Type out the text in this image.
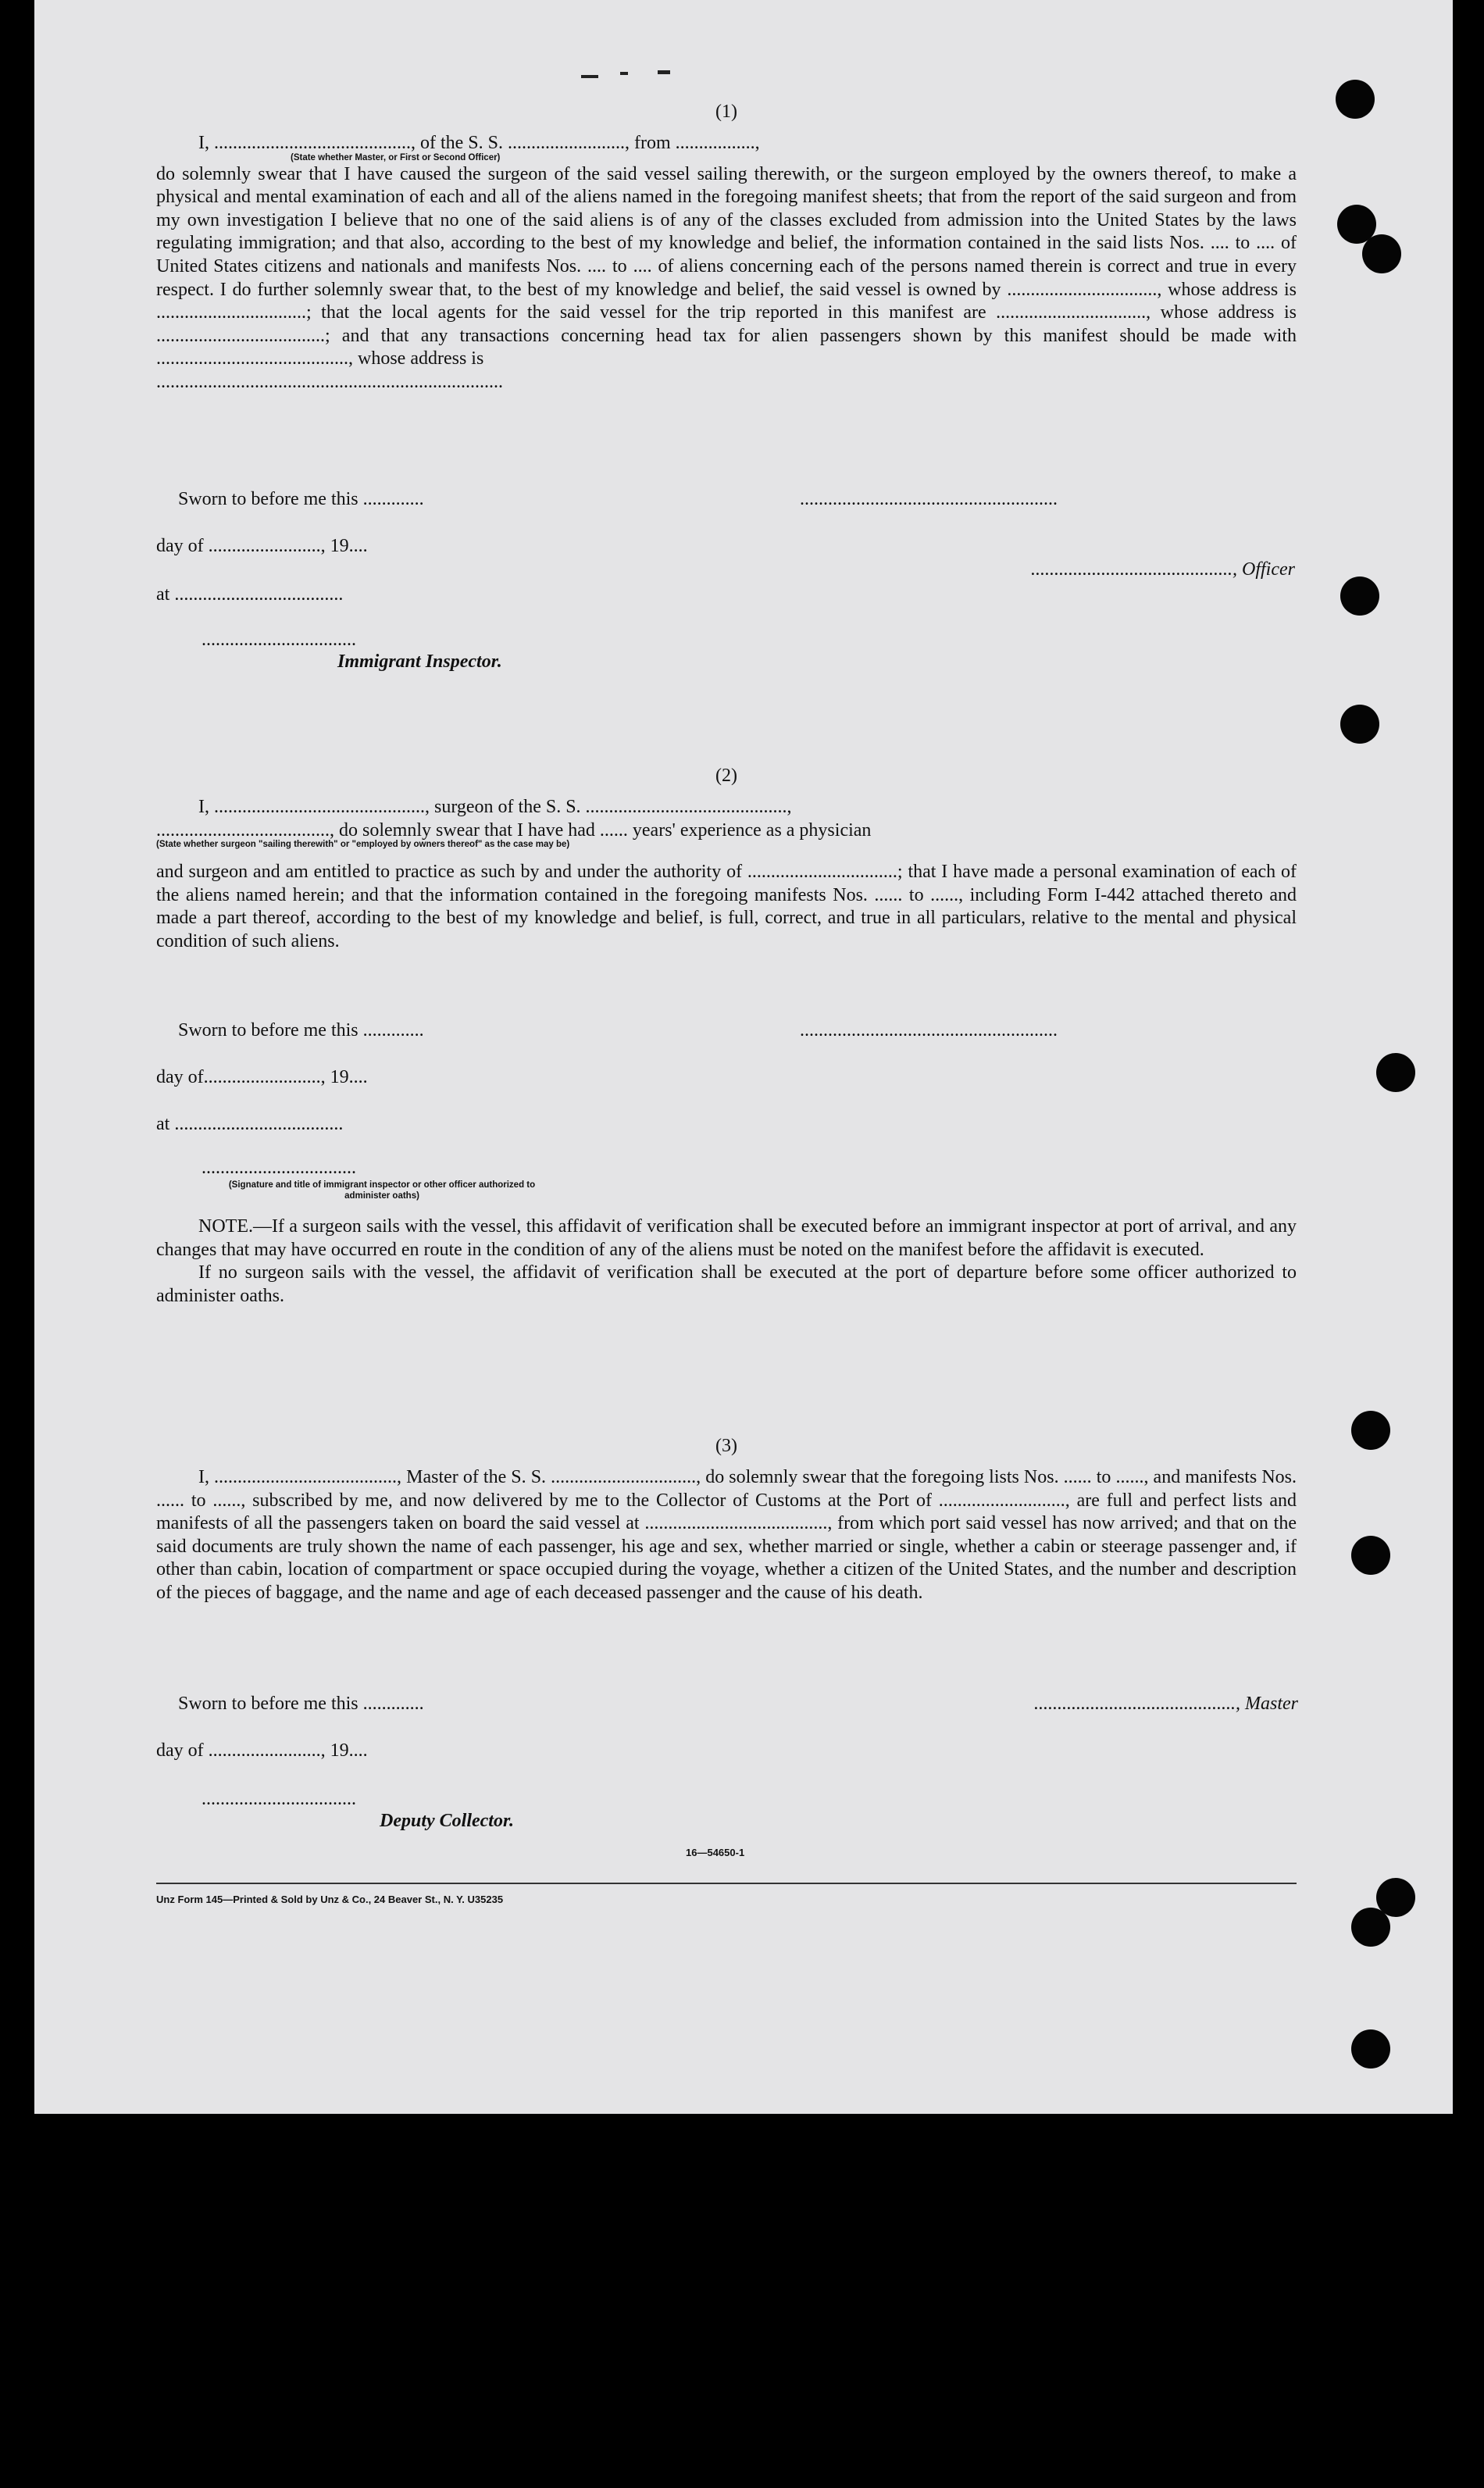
(1)
I, .........................................., of the S. S. ........................., from .................,
(State whether Master, or First or Second Officer)

do solemnly swear that I have caused the surgeon of the said vessel sailing therewith, or the surgeon employed by the owners thereof, to make a physical and mental examination of each and all of the aliens named in the foregoing manifest sheets; that from the report of the said surgeon and from my own investigation I believe that no one of the said aliens is of any of the classes excluded from admission into the United States by the laws regulating immigration; and that also, according to the best of my knowledge and belief, the information contained in the said lists Nos. .... to .... of United States citizens and nationals and manifests Nos. .... to .... of aliens concerning each of the persons named therein is correct and true in every respect. I do further solemnly swear that, to the best of my knowledge and belief, the said vessel is owned by ................................, whose address is ................................; that the local agents for the said vessel for the trip reported in this manifest are ................................, whose address is ....................................; and that any transactions concerning head tax for alien passengers shown by this manifest should be made with ........................................., whose address is

..........................................................................
Sworn to before me this .............	.......................................................
day of ........................, 19....
..........................................., Officer
at ....................................
.................................
Immigrant Inspector.
(2)
I, ............................................., surgeon of the S. S. ...........................................,
....................................., do solemnly swear that I have had ...... years' experience as a physician
(State whether surgeon "sailing therewith" or "employed by owners thereof" as the case may be)

and surgeon and am entitled to practice as such by and under the authority of ................................; that I have made a personal examination of each of the aliens named herein; and that the information contained in the foregoing manifests Nos. ...... to ......, including Form I-442 attached thereto and made a part thereof, according to the best of my knowledge and belief, is full, correct, and true in all particulars, relative to the mental and physical condition of such aliens.

Sworn to before me this .............	.......................................................
day of........................., 19....
at ....................................
.................................
(Signature and title of immigrant inspector or other officer authorized to administer oaths)

NOTE.—If a surgeon sails with the vessel, this affidavit of verification shall be executed before an immigrant inspector at port of arrival, and any changes that may have occurred en route in the condition of any of the aliens must be noted on the manifest before the affidavit is executed.

If no surgeon sails with the vessel, the affidavit of verification shall be executed at the port of departure before some officer authorized to administer oaths.

(3)

I, ......................................., Master of the S. S. ..............................., do solemnly swear that the foregoing lists Nos. ...... to ......, and manifests Nos. ...... to ......, subscribed by me, and now delivered by me to the Collector of Customs at the Port of ..........................., are full and perfect lists and manifests of all the passengers taken on board the said vessel at ......................................., from which port said vessel has now arrived; and that on the said documents are truly shown the name of each passenger, his age and sex, whether married or single, whether a cabin or steerage passenger and, if other than cabin, location of compartment or space occupied during the voyage, whether a citizen of the United States, and the number and description of the pieces of baggage, and the name and age of each deceased passenger and the cause of his death.

Sworn to before me this .............	..........................................., Master
day of ........................, 19....
.................................
Deputy Collector.
16—54650-1
Unz Form 145—Printed & Sold by Unz & Co., 24 Beaver St., N. Y. U35235
